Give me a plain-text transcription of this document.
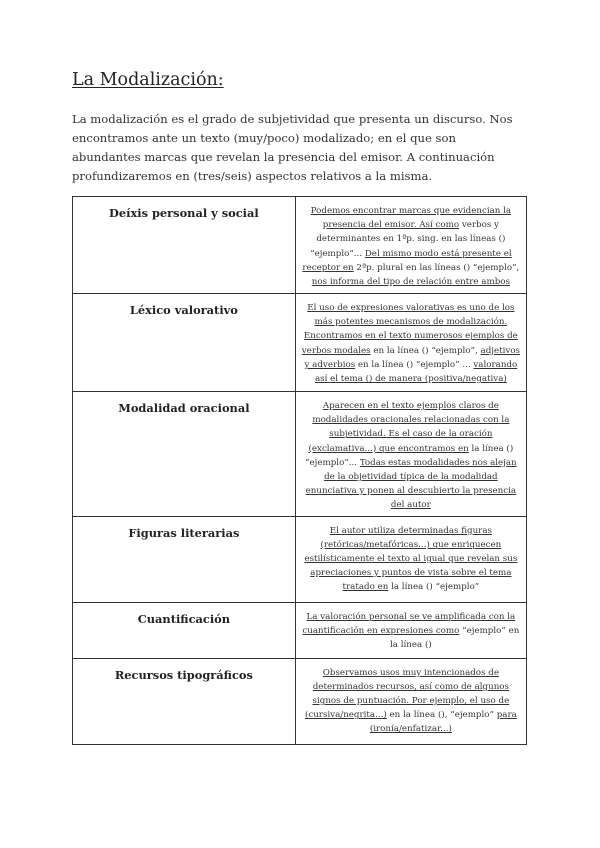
La Modalización:

La modalización es el grado de subjetividad que presenta un discurso. Nos encontramos ante un texto (muy/poco) modalizado; en el que son abundantes marcas que revelan la presencia del emisor. A continuación profundizaremos en (tres/seis) aspectos relativos a la misma.

Deíxis personal y social	Podemos encontrar marcas que evidencian la presencia del emisor. Así como verbos y determinantes en 1ªp. sing. en las líneas () “ejemplo”... Del mismo modo está presente el receptor en 2ªp. plural en las líneas () “ejemplo”, nos informa del tipo de relación entre ambos
Léxico valorativo	El uso de expresiones valorativas es uno de los más potentes mecanismos de modalización. Encontramos en el texto numerosos ejemplos de verbos modales en la línea () “ejemplo”, adjetivos y adverbios en la línea () “ejemplo” ... valorando así el tema () de manera (positiva/negativa)
Modalidad oracional	Aparecen en el texto ejemplos claros de modalidades oracionales relacionadas con la subjetividad. Es el caso de la oración (exclamativa...) que encontramos en la línea () “ejemplo”... Todas estas modalidades nos alejan de la objetividad típica de la modalidad enunciativa y ponen al descubierto la presencia del autor
Figuras literarias	El autor utiliza determinadas figuras (retóricas/metafóricas...) que enriquecen estilísticamente el texto al igual que revelan sus apreciaciones y puntos de vista sobre el tema tratado en la línea () “ejemplo”
Cuantificación	La valoración personal se ve amplificada con la cuantificación en expresiones como “ejemplo” en la línea ()
Recursos tipográficos	Observamos usos muy intencionados de determinados recursos, así como de algunos signos de puntuación. Por ejemplo, el uso de (cursiva/negrita...) en la línea (), “ejemplo” para (ironía/enfatizar...)
